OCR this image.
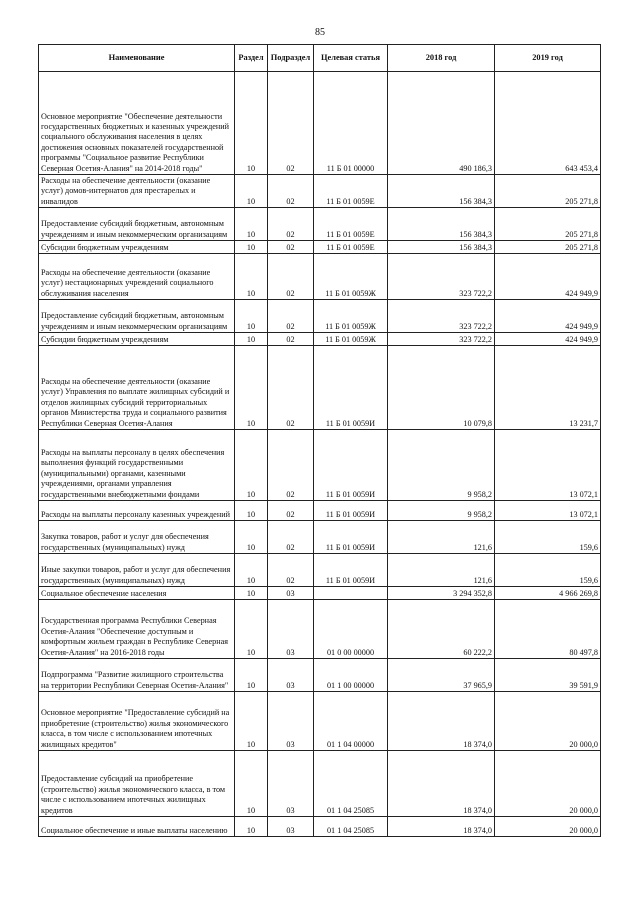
85
Наименование	Раздел	Подраздел	Целевая статья	2018 год	2019 год
Основное мероприятие "Обеспечение деятельности государственных бюджетных и казенных учреждений социального обслуживания населения в целях достижения основных показателей государственной программы "Социальное развитие Республики Северная Осетия-Алания" на 2014-2018 годы"	10	02	11 Б 01 00000	490 186,3	643 453,4
Расходы на обеспечение деятельности (оказание услуг) домов-интернатов для престарелых и инвалидов	10	02	11 Б 01 0059Е	156 384,3	205 271,8
Предоставление субсидий бюджетным, автономным учреждениям и иным некоммерческим организациям	10	02	11 Б 01 0059Е	156 384,3	205 271,8
Субсидии бюджетным учреждениям	10	02	11 Б 01 0059Е	156 384,3	205 271,8
Расходы на обеспечение деятельности (оказание услуг) нестационарных учреждений социального обслуживания населения	10	02	11 Б 01 0059Ж	323 722,2	424 949,9
Предоставление субсидий бюджетным, автономным учреждениям и иным некоммерческим организациям	10	02	11 Б 01 0059Ж	323 722,2	424 949,9
Субсидии бюджетным учреждениям	10	02	11 Б 01 0059Ж	323 722,2	424 949,9
Расходы на обеспечение деятельности (оказание услуг) Управления по выплате жилищных субсидий и отделов жилищных субсидий территориальных органов Министерства труда и социального развития Республики Северная Осетия-Алания	10	02	11 Б 01 0059И	10 079,8	13 231,7
Расходы на выплаты персоналу в целях обеспечения выполнения функций государственными (муниципальными) органами, казенными учреждениями, органами управления государственными внебюджетными фондами	10	02	11 Б 01 0059И	9 958,2	13 072,1
Расходы на выплаты персоналу казенных учреждений	10	02	11 Б 01 0059И	9 958,2	13 072,1
Закупка товаров, работ и услуг для обеспечения государственных (муниципальных) нужд	10	02	11 Б 01 0059И	121,6	159,6
Иные закупки товаров, работ и услуг для обеспечения государственных (муниципальных) нужд	10	02	11 Б 01 0059И	121,6	159,6
Социальное обеспечение населения	10	03		3 294 352,8	4 966 269,8
Государственная программа Республики Северная Осетия-Алания "Обеспечение доступным и комфортным жильем граждан в Республике Северная Осетия-Алания" на 2016-2018 годы	10	03	01 0 00 00000	60 222,2	80 497,8
Подпрограмма "Развитие жилищного строительства на территории Республики Северная Осетия-Алания"	10	03	01 1 00 00000	37 965,9	39 591,9
Основное мероприятие "Предоставление субсидий на приобретение (строительство) жилья экономического класса, в том числе с использованием ипотечных жилищных кредитов"	10	03	01 1 04 00000	18 374,0	20 000,0
Предоставление субсидий на приобретение (строительство) жилья экономического класса, в том числе с использованием ипотечных жилищных кредитов	10	03	01 1 04 25085	18 374,0	20 000,0
Социальное обеспечение и иные выплаты населению	10	03	01 1 04 25085	18 374,0	20 000,0
